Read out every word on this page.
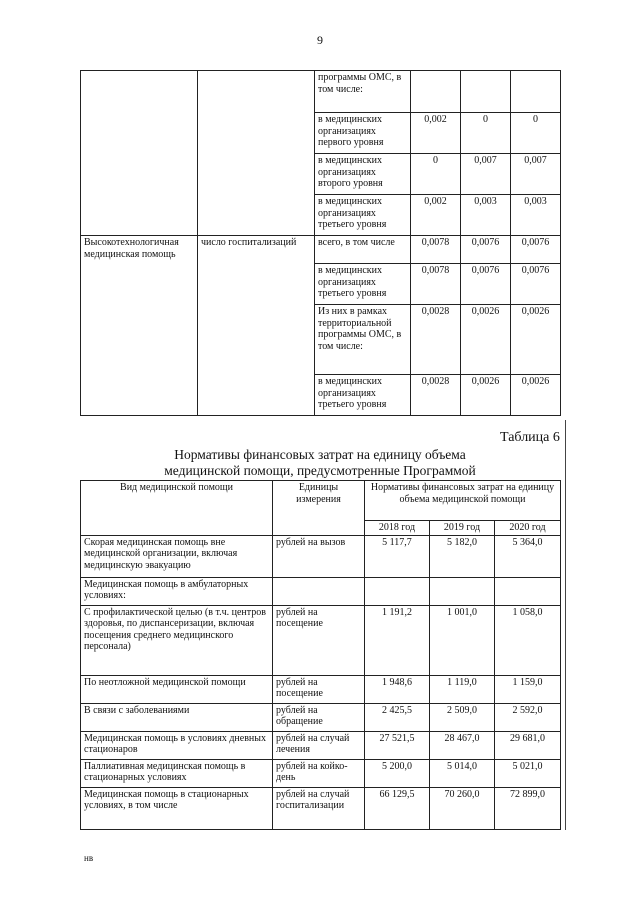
9
		программы ОМС, в том числе:			
		в медицинских организациях первого уровня	0,002	0	0
		в медицинских организациях второго уровня	0	0,007	0,007
		в медицинских организациях третьего уровня	0,002	0,003	0,003
Высокотехнологичная медицинская помощь	число госпитализаций	всего, в том числе	0,0078	0,0076	0,0076
		в медицинских организациях третьего уровня	0,0078	0,0076	0,0076
		Из них в рамках территориальной программы ОМС, в том числе:	0,0028	0,0026	0,0026
		в медицинских организациях третьего уровня	0,0028	0,0026	0,0026
Таблица 6
Нормативы финансовых затрат на единицу объема
медицинской помощи, предусмотренные Программой
Вид медицинской помощи	Единицы измерения	Нормативы финансовых затрат на единицу объема медицинской помощи		
		2018 год	2019 год	2020 год
Скорая медицинская помощь вне медицинской организации, включая медицинскую эвакуацию	рублей на вызов	5 117,7	5 182,0	5 364,0
Медицинская помощь в амбулаторных условиях:				
С профилактической целью (в т.ч. центров здоровья, по диспансеризации, включая посещения среднего медицинского персонала)	рублей на посещение	1 191,2	1 001,0	1 058,0
По неотложной медицинской помощи	рублей на посещение	1 948,6	1 119,0	1 159,0
В связи с заболеваниями	рублей на обращение	2 425,5	2 509,0	2 592,0
Медицинская помощь в условиях дневных стационаров	рублей на случай лечения	27 521,5	28 467,0	29 681,0
Паллиативная медицинская помощь в стационарных условиях	рублей на койко-день	5 200,0	5 014,0	5 021,0
Медицинская помощь в стационарных условиях, в том числе	рублей на случай госпитализации	66 129,5	70 260,0	72 899,0
нв
